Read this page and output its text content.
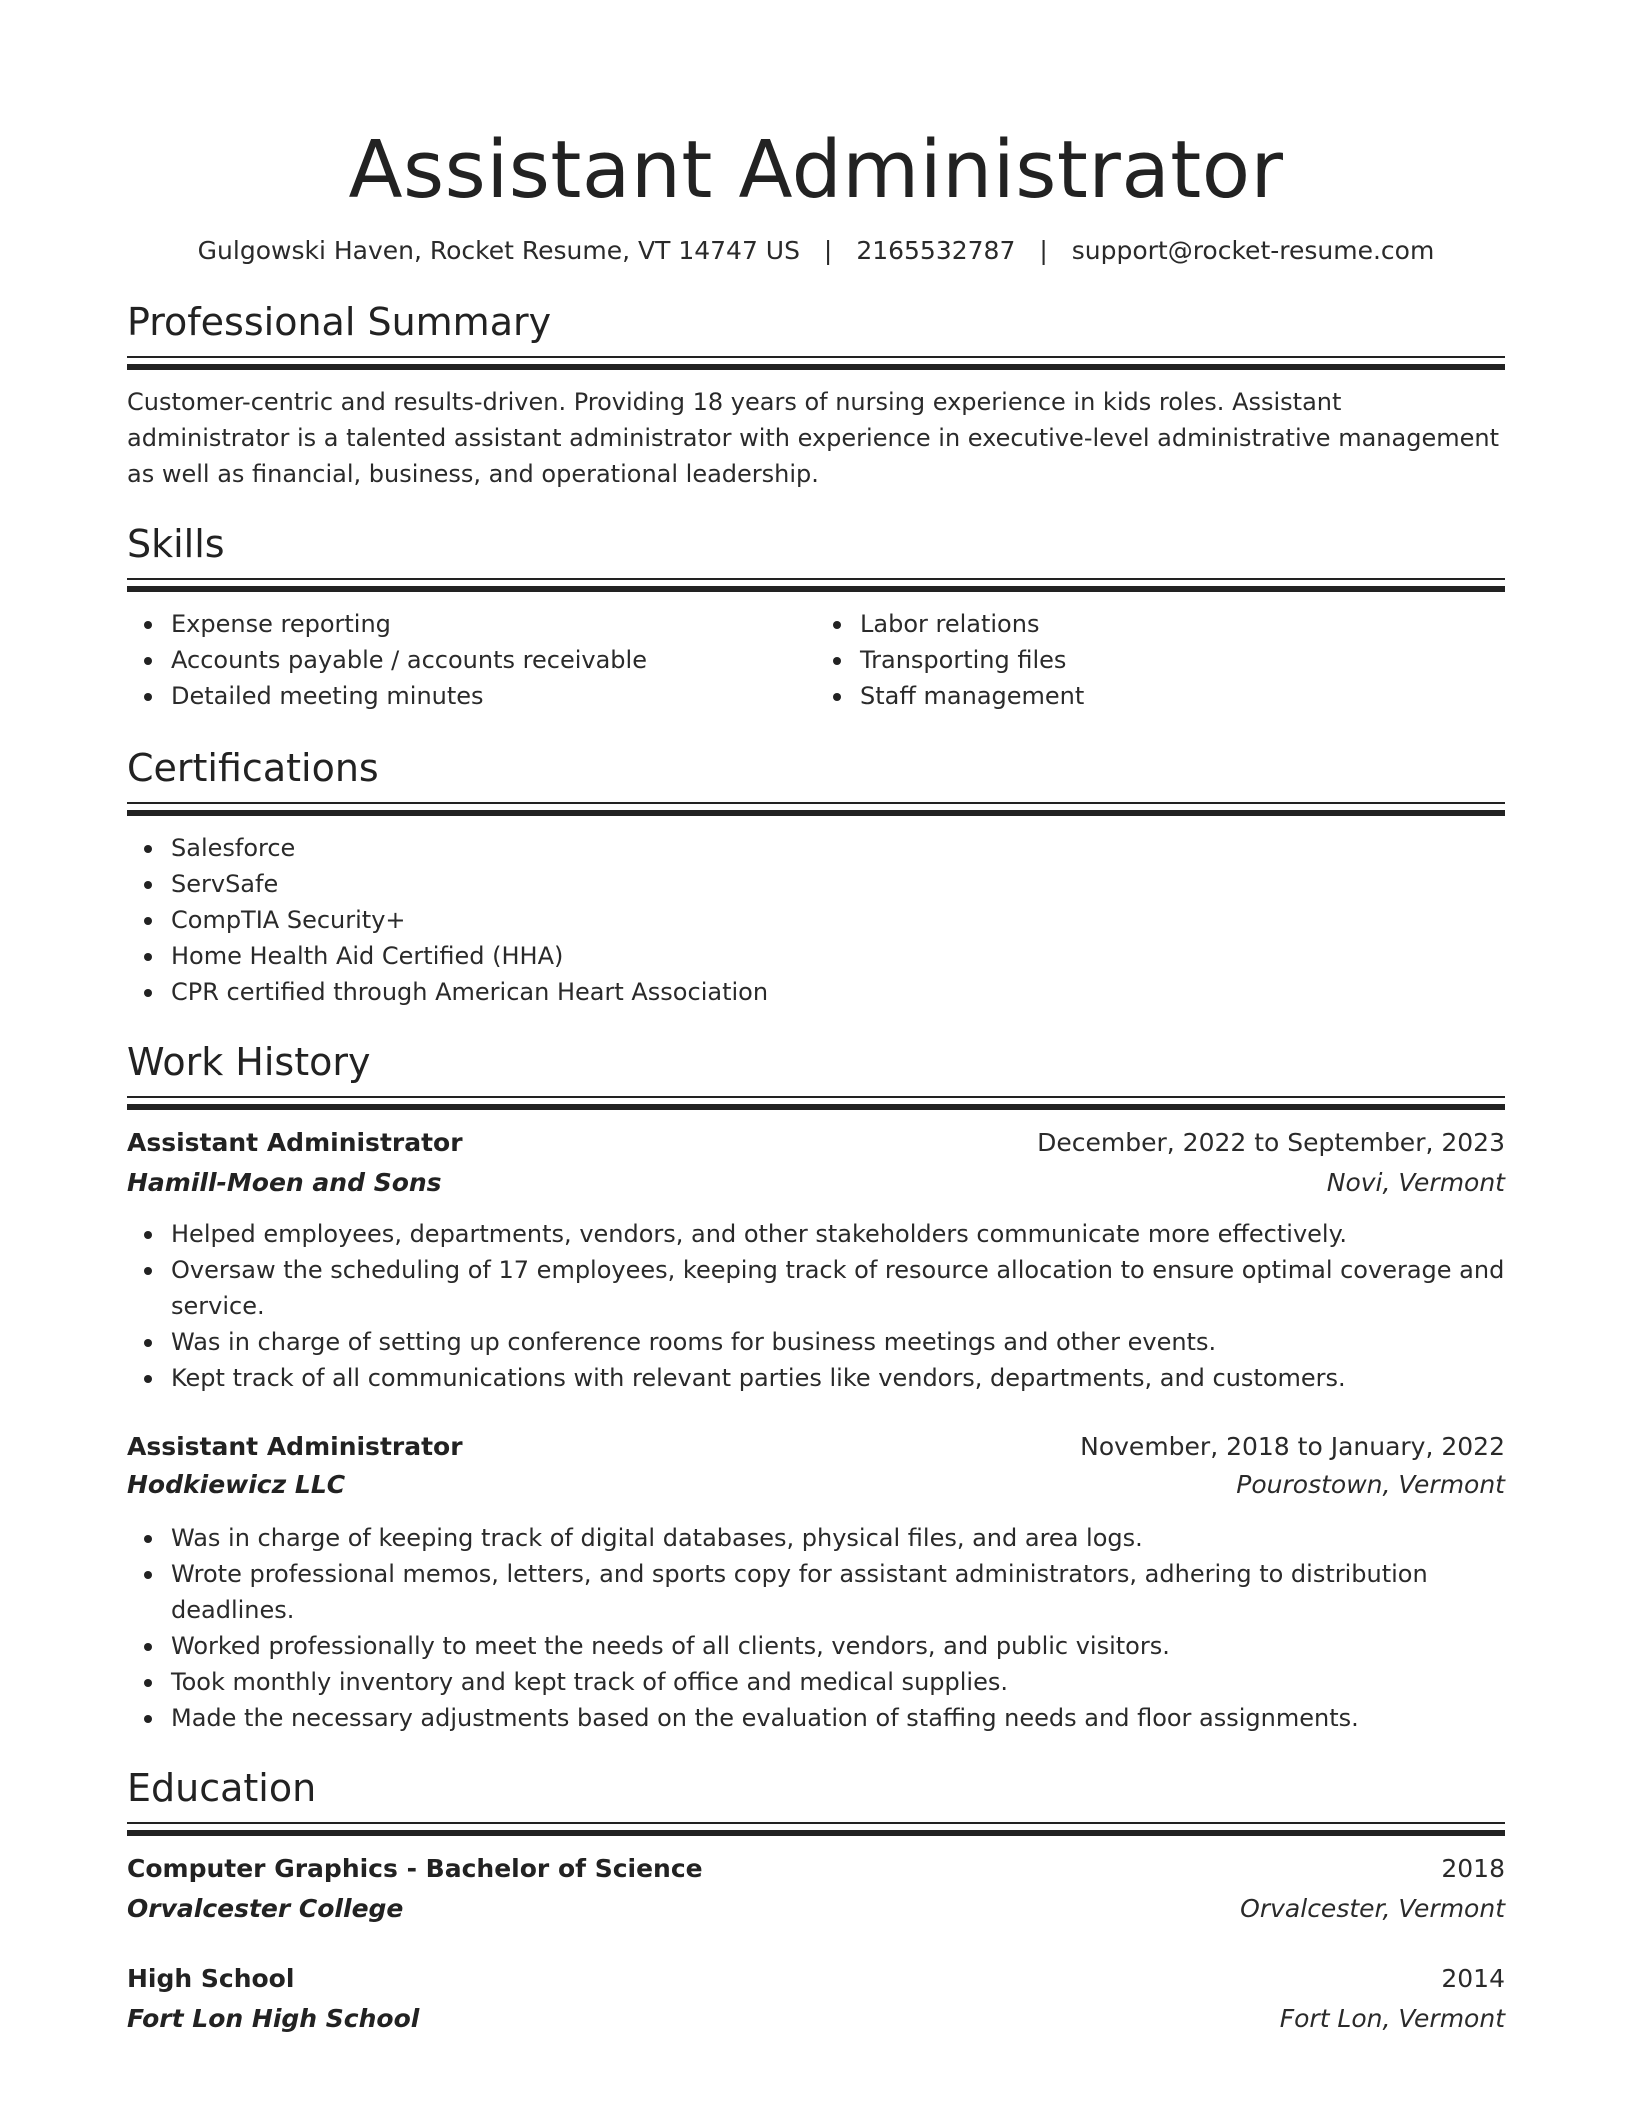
Assistant Administrator
Gulgowski Haven, Rocket Resume, VT 14747 US | 2165532787 | support@rocket-resume.com
Professional Summary

Customer-centric and results-driven. Providing 18 years of nursing experience in kids roles. Assistant administrator is a talented assistant administrator with experience in executive-level administrative management as well as financial, business, and operational leadership.

Skills
Expense reporting
Accounts payable / accounts receivable
Detailed meeting minutes
Labor relations
Transporting files
Staff management
Certifications
Salesforce
ServSafe
CompTIA Security+
Home Health Aid Certified (HHA)
CPR certified through American Heart Association
Work History
Assistant Administrator	December, 2022 to September, 2023
Hamill-Moen and Sons	Novi, Vermont
Helped employees, departments, vendors, and other stakeholders communicate more effectively.
Oversaw the scheduling of 17 employees, keeping track of resource allocation to ensure optimal coverage and service.
Was in charge of setting up conference rooms for business meetings and other events.
Kept track of all communications with relevant parties like vendors, departments, and customers.
Assistant Administrator	November, 2018 to January, 2022
Hodkiewicz LLC	Pourostown, Vermont
Was in charge of keeping track of digital databases, physical files, and area logs.
Wrote professional memos, letters, and sports copy for assistant administrators, adhering to distribution deadlines.
Worked professionally to meet the needs of all clients, vendors, and public visitors.
Took monthly inventory and kept track of office and medical supplies.
Made the necessary adjustments based on the evaluation of staffing needs and floor assignments.
Education
Computer Graphics - Bachelor of Science	2018
Orvalcester College	Orvalcester, Vermont
High School	2014
Fort Lon High School	Fort Lon, Vermont
